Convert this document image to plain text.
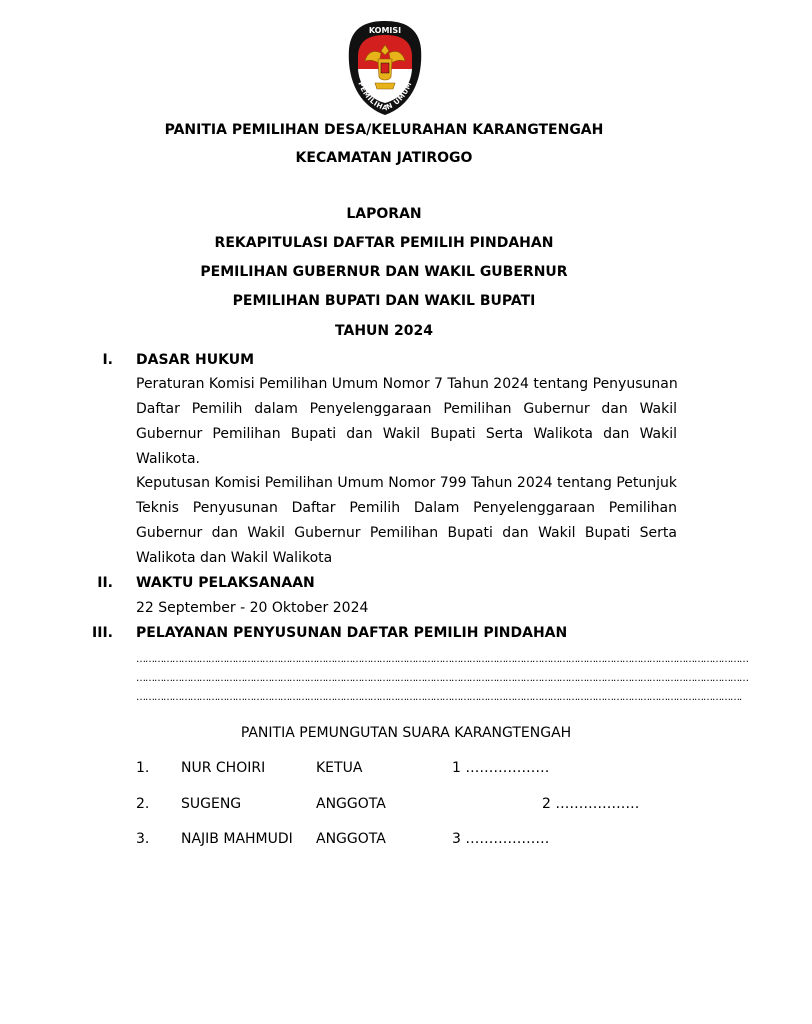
KOMISI
PEMILIHAN UMUM
PANITIA PEMILIHAN DESA/KELURAHAN KARANGTENGAH
KECAMATAN JATIROGO
LAPORAN
REKAPITULASI DAFTAR PEMILIH PINDAHAN
PEMILIHAN GUBERNUR DAN WAKIL GUBERNUR
PEMILIHAN BUPATI DAN WAKIL BUPATI
TAHUN 2024
I. DASAR HUKUM
Peraturan Komisi Pemilihan Umum Nomor 7 Tahun 2024 tentang Penyusunan
Daftar Pemilih dalam Penyelenggaraan Pemilihan Gubernur dan Wakil
Gubernur Pemilihan Bupati dan Wakil Bupati Serta Walikota dan Wakil
Walikota.
Keputusan Komisi Pemilihan Umum Nomor 799 Tahun 2024 tentang Petunjuk
Teknis Penyusunan Daftar Pemilih Dalam Penyelenggaraan Pemilihan
Gubernur dan Wakil Gubernur Pemilihan Bupati dan Wakil Bupati Serta
Walikota dan Wakil Walikota
II. WAKTU PELAKSANAAN
22 September - 20 Oktober 2024
III. PELAYANAN PENYUSUNAN DAFTAR PEMILIH PINDAHAN
……………………………………………………………………………………………………………………………………………………………………………………
……………………………………………………………………………………………………………………………………………………………………………………
………………………………………………………………………………………………………………………………………………………………………………….
PANITIA PEMUNGUTAN SUARA KARANGTENGAH
1. NUR CHOIRI	KETUA	1 ………………
2. SUGENG	ANGGOTA	2 ………………
3. NAJIB MAHMUDI ANGGOTA	3 ………………
